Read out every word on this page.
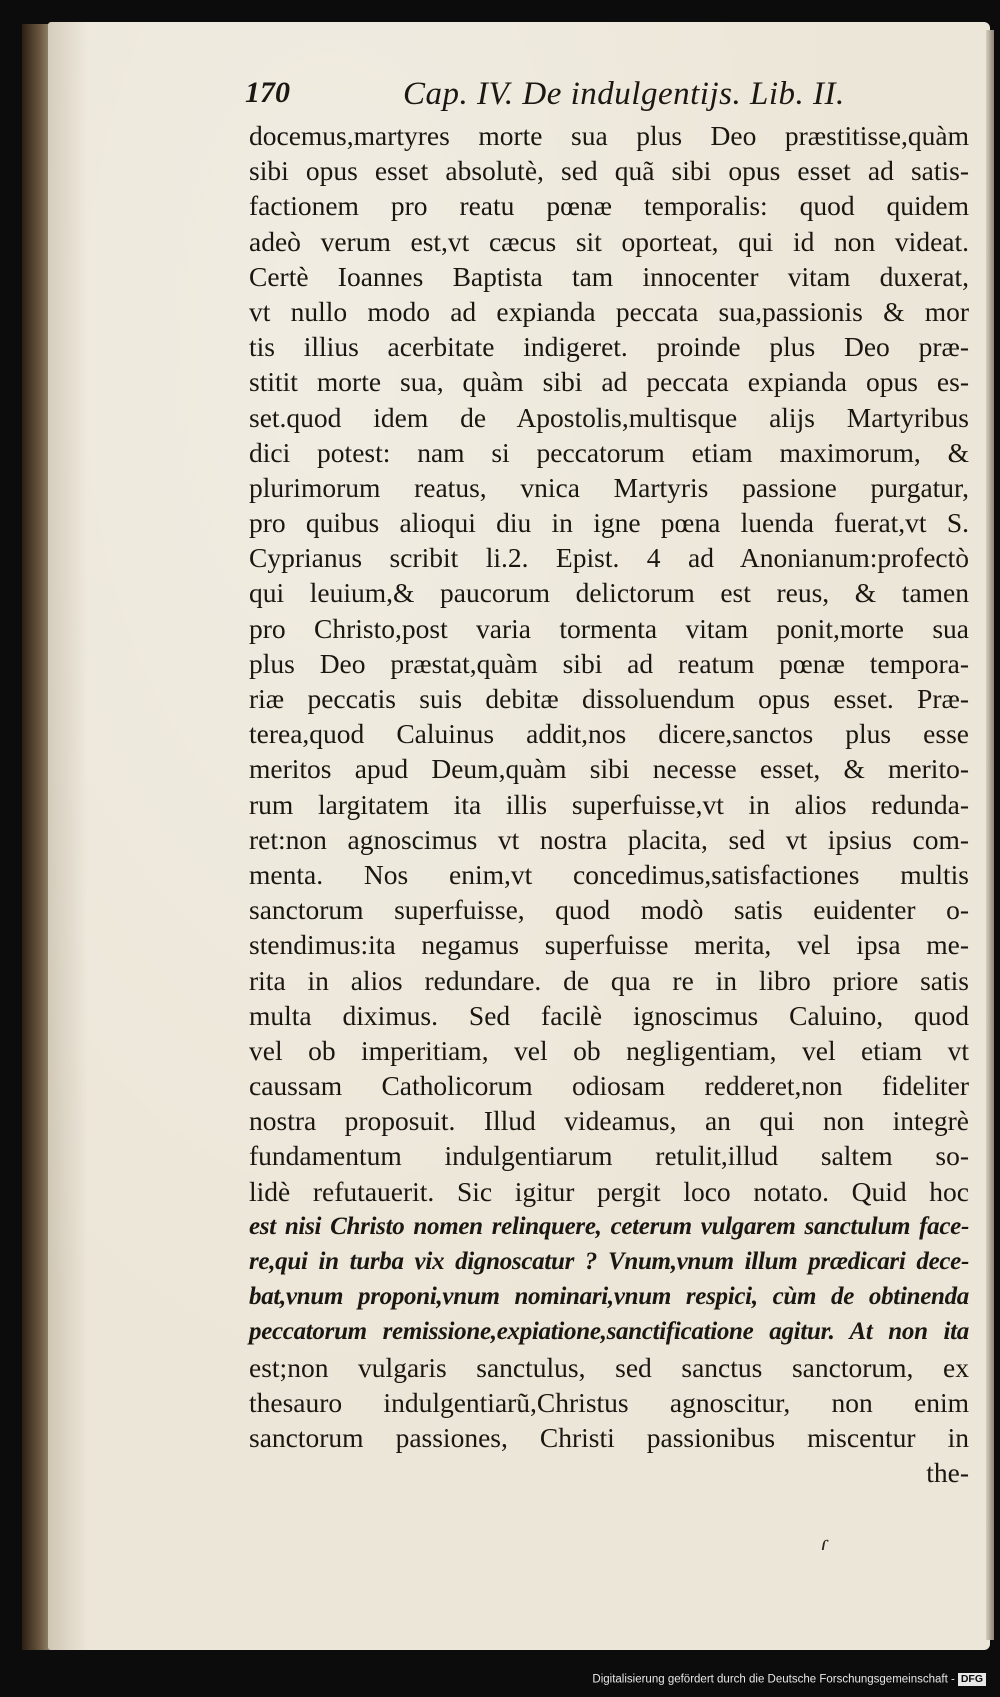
170	Cap. IV. De indulgentijs. Lib. II.
docemus,martyres morte sua plus Deo præstitisse,quàm
sibi opus esset absolutè, sed quã sibi opus esset ad satis-
factionem pro reatu pœnæ temporalis: quod quidem
adeò verum est,vt cæcus sit oporteat, qui id non videat.
Certè Ioannes Baptista tam innocenter vitam duxerat,
vt nullo modo ad expianda peccata sua,passionis & mor
tis illius acerbitate indigeret. proinde plus Deo præ-
stitit morte sua, quàm sibi ad peccata expianda opus es-
set.quod idem de Apostolis,multisque alijs Martyribus
dici potest: nam si peccatorum etiam maximorum, &
plurimorum reatus, vnica Martyris passione purgatur,
pro quibus alioqui diu in igne pœna luenda fuerat,vt S.
Cyprianus scribit li.2. Epist. 4 ad Anonianum:profectò
qui leuium,& paucorum delictorum est reus, & tamen
pro Christo,post varia tormenta vitam ponit,morte sua
plus Deo præstat,quàm sibi ad reatum pœnæ tempora-
riæ peccatis suis debitæ dissoluendum opus esset. Præ-
terea,quod Caluinus addit,nos dicere,sanctos plus esse
meritos apud Deum,quàm sibi necesse esset, & merito-
rum largitatem ita illis superfuisse,vt in alios redunda-
ret:non agnoscimus vt nostra placita, sed vt ipsius com-
menta. Nos enim,vt concedimus,satisfactiones multis
sanctorum superfuisse, quod modò satis euidenter o-
stendimus:ita negamus superfuisse merita, vel ipsa me-
rita in alios redundare. de qua re in libro priore satis
multa diximus. Sed facilè ignoscimus Caluino, quod
vel ob imperitiam, vel ob negligentiam, vel etiam vt
caussam Catholicorum odiosam redderet,non fideliter
nostra proposuit. Illud videamus, an qui non integrè
fundamentum indulgentiarum retulit,illud saltem so-
lidè refutauerit. Sic igitur pergit loco notato. Quid hoc
est nisi Christo nomen relinquere, ceterum vulgarem sanctulum face-
re,qui in turba vix dignoscatur ? Vnum,vnum illum prædicari dece-
bat,vnum proponi,vnum nominari,vnum respici, cùm de obtinenda
peccatorum remissione,expiatione,sanctificatione agitur. At non ita
est;non vulgaris sanctulus, sed sanctus sanctorum, ex
thesauro indulgentiarũ,Christus agnoscitur, non enim
sanctorum passiones, Christi passionibus miscentur in
the-
ɾ
Digitalisierung gefördert durch die Deutsche Forschungsgemeinschaft - DFG
